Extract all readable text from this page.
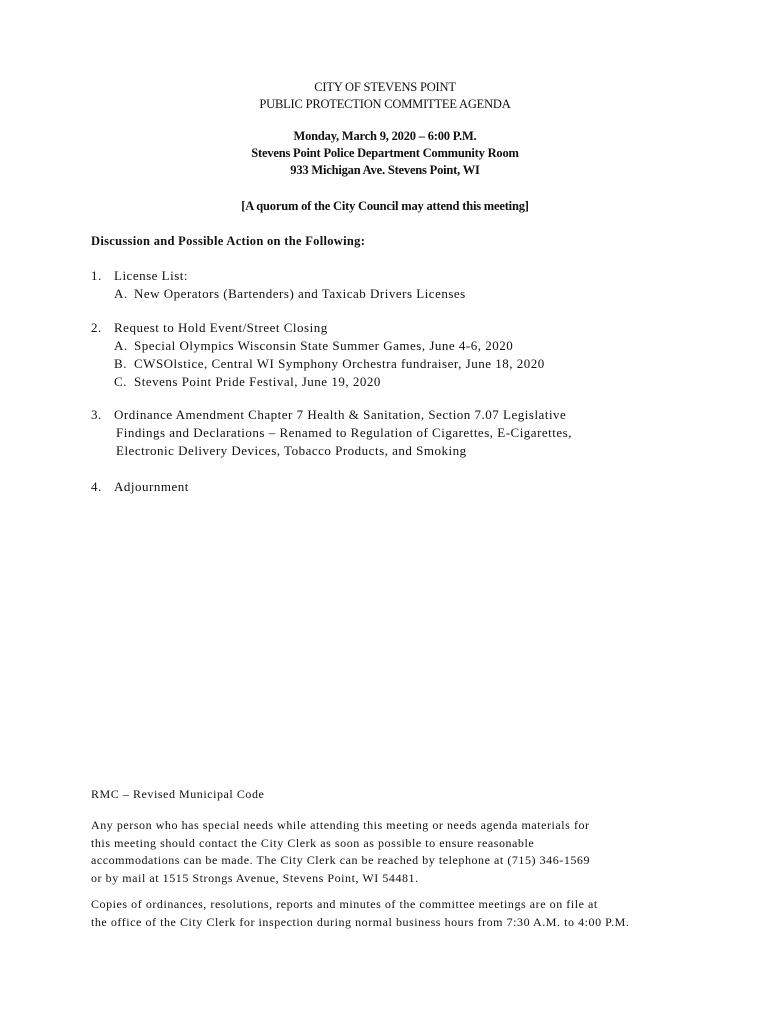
CITY OF STEVENS POINT
PUBLIC PROTECTION COMMITTEE AGENDA
Monday, March 9, 2020 – 6:00 P.M.
Stevens Point Police Department Community Room
933 Michigan Ave. Stevens Point, WI
[A quorum of the City Council may attend this meeting]
Discussion and Possible Action on the Following:
1. License List:
A. New Operators (Bartenders) and Taxicab Drivers Licenses
2. Request to Hold Event/Street Closing
A. Special Olympics Wisconsin State Summer Games, June 4-6, 2020
B. CWSOlstice, Central WI Symphony Orchestra fundraiser, June 18, 2020
C. Stevens Point Pride Festival, June 19, 2020
3. Ordinance Amendment Chapter 7 Health & Sanitation, Section 7.07 Legislative
Findings and Declarations – Renamed to Regulation of Cigarettes, E-Cigarettes,
Electronic Delivery Devices, Tobacco Products, and Smoking
4. Adjournment

RMC – Revised Municipal Code

Any person who has special needs while attending this meeting or needs agenda materials for

this meeting should contact the City Clerk as soon as possible to ensure reasonable

accommodations can be made. The City Clerk can be reached by telephone at (715) 346-1569

or by mail at 1515 Strongs Avenue, Stevens Point, WI 54481.

Copies of ordinances, resolutions, reports and minutes of the committee meetings are on file at

the office of the City Clerk for inspection during normal business hours from 7:30 A.M. to 4:00 P.M.
